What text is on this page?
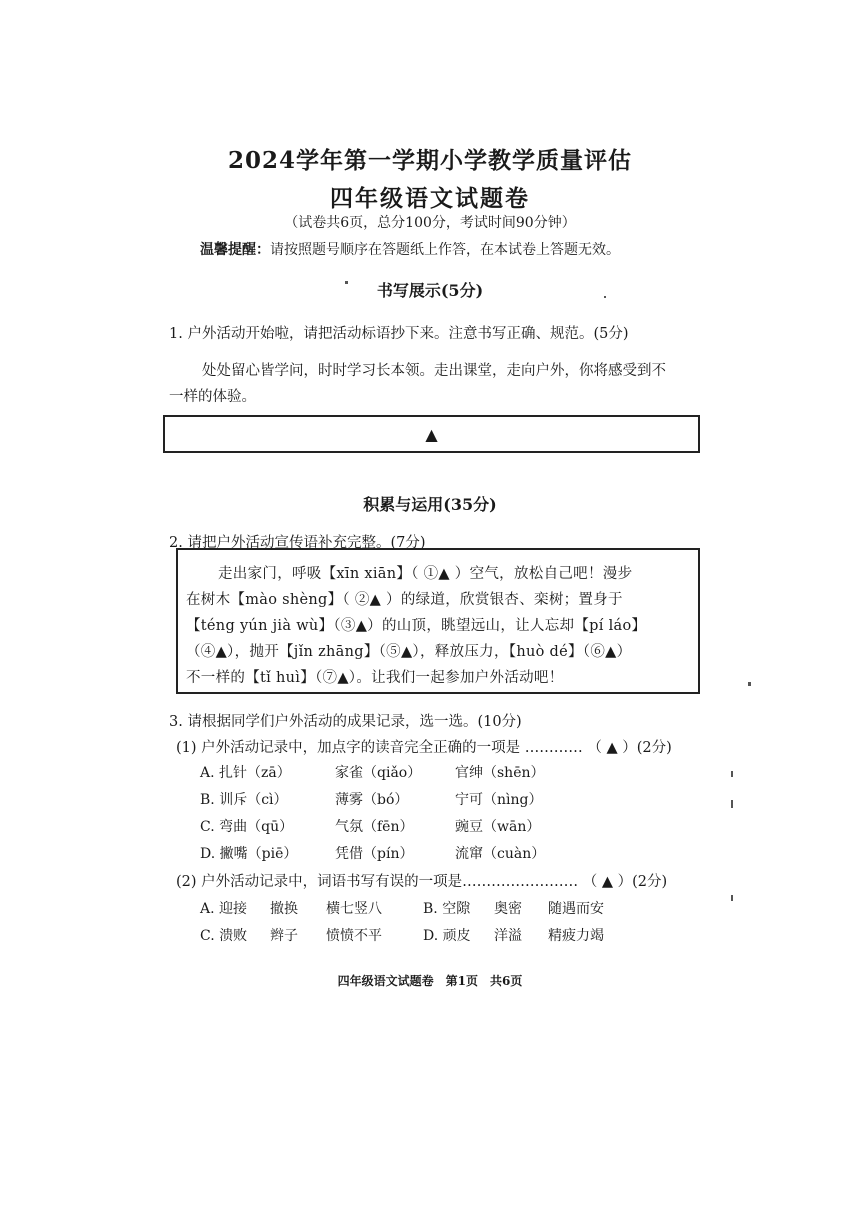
2024学年第一学期小学教学质量评估
四年级语文试题卷
（试卷共6页，总分100分，考试时间90分钟）
温馨提醒：请按照题号顺序在答题纸上作答，在本试卷上答题无效。
书写展示(5分)
1. 户外活动开始啦，请把活动标语抄下来。注意书写正确、规范。(5分)
处处留心皆学问，时时学习长本领。走出课堂，走向户外，你将感受到不
一样的体验。
▲
积累与运用(35分)
2. 请把户外活动宣传语补充完整。(7分)
走出家门，呼吸【xīn xiān】（ ①▲ ）空气，放松自己吧！漫步
在树木【mào shèng】（ ②▲ ）的绿道，欣赏银杏、栾树；置身于
【téng yún jià wù】（③▲）的山顶，眺望远山，让人忘却【pí láo】
（④▲），抛开【jǐn zhāng】（⑤▲），释放压力，【huò dé】（⑥▲）
不一样的【tǐ huì】（⑦▲）。让我们一起参加户外活动吧！
3. 请根据同学们户外活动的成果记录，选一选。(10分)
(1) 户外活动记录中，加点字的读音完全正确的一项是 ………… （ ▲ ）(2分)
A. 扎针（zā）	家雀（qiǎo） 官绅（shēn）
B. 训斥（cì）	薄雾（bó）	宁可（nìng）
C. 弯曲（qū）	气氛（fēn）	豌豆（wān）
D. 撇嘴（piē）	凭借（pín）	流窜（cuàn）
(2) 户外活动记录中，词语书写有误的一项是…………………… （ ▲ ）(2分)
A. 迎接 撤换 横七竖八	B. 空隙 奥密 随遇而安
C. 溃败 辫子 愤愤不平	D. 顽皮 洋溢 精疲力竭
四年级语文试题卷　第1页　共6页
